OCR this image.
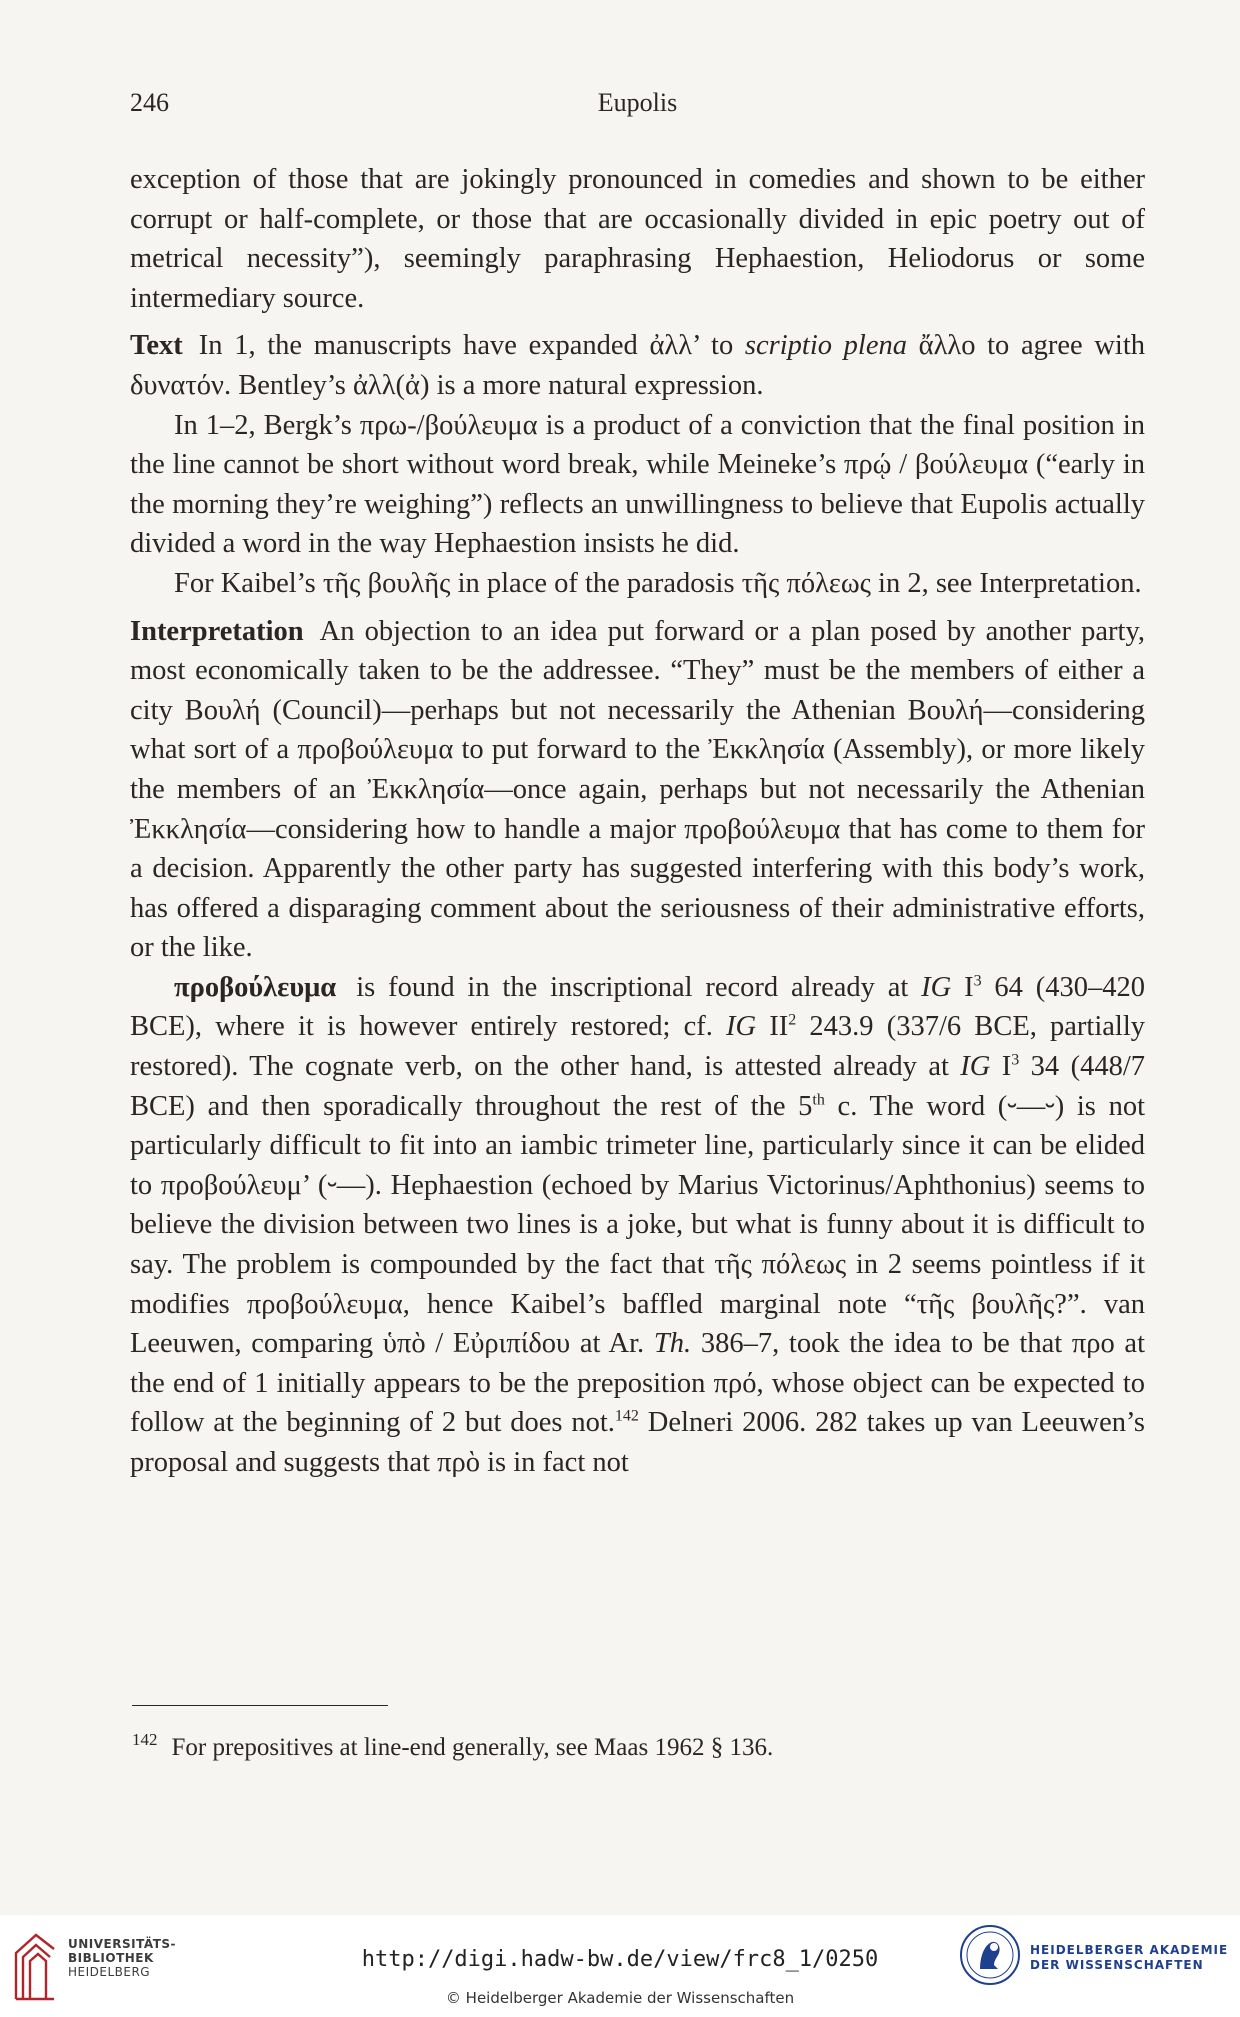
246	Eupolis

exception of those that are jokingly pronounced in comedies and shown to be either corrupt or half-complete, or those that are occasionally divided in epic poetry out of metrical necessity”), seemingly paraphrasing Hephaestion, Heliodorus or some intermediary source.

Text In 1, the manuscripts have expanded ἀλλ’ to scriptio plena ἄλλο to agree with δυνατόν. Bentley’s ἀλλ(ἀ) is a more natural expression.

In 1–2, Bergk’s πρω-/βούλευμα is a product of a conviction that the final position in the line cannot be short without word break, while Meineke’s πρῴ / βούλευμα (“early in the morning they’re weighing”) reflects an unwillingness to believe that Eupolis actually divided a word in the way Hephaestion insists he did.

For Kaibel’s τῆς βουλῆς in place of the paradosis τῆς πόλεως in 2, see Interpretation.

Interpretation An objection to an idea put forward or a plan posed by another party, most economically taken to be the addressee. “They” must be the members of either a city Βουλή (Council)—perhaps but not necessarily the Athenian Βουλή—considering what sort of a προβούλευμα to put forward to the Ἐκκλησία (Assembly), or more likely the members of an Ἐκκλησία—once again, perhaps but not necessarily the Athenian Ἐκκλησία—considering how to handle a major προβούλευμα that has come to them for a decision. Apparently the other party has suggested interfering with this body’s work, has offered a disparaging comment about the seriousness of their administrative efforts, or the like.

προβούλευμα is found in the inscriptional record already at IG $I^3$ 64 (430–420 BCE), where it is however entirely restored; cf. IG $II^2$ 243.9 (337/6 BCE, partially restored). The cognate verb, on the other hand, is attested already at IG $I^3$ 34 (448/7 BCE) and then sporadically throughout the rest of the 5th c. The word (⏑––⏑) is not particularly difficult to fit into an iambic trimeter line, particularly since it can be elided to προβούλευμ’ (⏑––). Hephaestion (echoed by Marius Victorinus/Aphthonius) seems to believe the division between two lines is a joke, but what is funny about it is difficult to say. The problem is compounded by the fact that τῆς πόλεως in 2 seems pointless if it modifies προβούλευμα, hence Kaibel’s baffled marginal note “τῆς βουλῆς?”. van Leeuwen, comparing ὑπὸ / Εὐριπίδου at Ar. Th. 386–7, took the idea to be that προ at the end of 1 initially appears to be the preposition πρό, whose object can be expected to follow at the beginning of 2 but does not.$^{142}$ Delneri 2006. 282 takes up van Leeuwen’s proposal and suggests that πρὸ is in fact not

$^{142}$ For prepositives at line-end generally, see Maas 1962 § 136.
UNIVERSITÄTS-
BIBLIOTHEK
HEIDELBERG	http://digi.hadw-bw.de/view/frc8_1/0250
© Heidelberger Akademie der Wissenschaften
HEIDELBERGER AKADEMIE
DER WISSENSCHAFTEN
